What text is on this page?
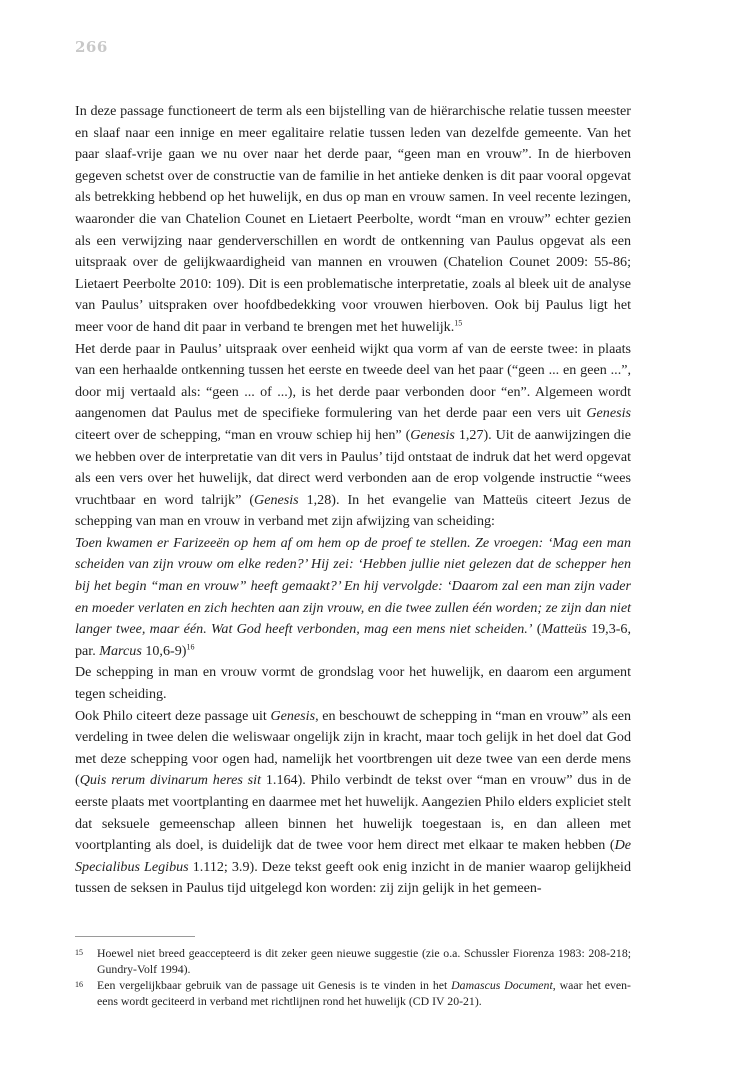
266

In deze passage functioneert de term als een bijstelling van de hiërarchische relatie tussen meester en slaaf naar een innige en meer egalitaire relatie tussen leden van dezelfde gemeente. Van het paar slaaf-vrije gaan we nu over naar het derde paar, “geen man en vrouw”. In de hierboven gegeven schetst over de constructie van de familie in het antieke denken is dit paar vooral opgevat als betrekking hebbend op het huwelijk, en dus op man en vrouw samen. In veel recente lezingen, waaronder die van Chatelion Counet en Lietaert Peerbolte, wordt “man en vrouw” echter gezien als een verwijzing naar genderverschillen en wordt de ontkenning van Paulus opgevat als een uitspraak over de gelijkwaardigheid van mannen en vrouwen (Chatelion Counet 2009: 55-86; Lietaert Peerbolte 2010: 109). Dit is een problematische interpretatie, zoals al bleek uit de analyse van Paulus’ uitspraken over hoofdbedekking voor vrouwen hierboven. Ook bij Paulus ligt het meer voor de hand dit paar in verband te brengen met het huwelijk.$^{15}$

Het derde paar in Paulus’ uitspraak over eenheid wijkt qua vorm af van de eerste twee: in plaats van een herhaalde ontkenning tussen het eerste en tweede deel van het paar (“geen ... en geen ...”, door mij vertaald als: “geen ... of ...), is het derde paar verbonden door “en”. Algemeen wordt aangenomen dat Paulus met de specifieke formulering van het derde paar een vers uit Genesis citeert over de schepping, “man en vrouw schiep hij hen” (Genesis 1,27). Uit de aanwijzingen die we hebben over de interpretatie van dit vers in Paulus’ tijd ontstaat de indruk dat het werd opgevat als een vers over het huwelijk, dat direct werd verbonden aan de erop volgende instructie “wees vruchtbaar en word talrijk” (Genesis 1,28). In het evangelie van Matteüs citeert Jezus de schepping van man en vrouw in verband met zijn afwijzing van scheiding:

Toen kwamen er Farizeeën op hem af om hem op de proef te stellen. Ze vroegen: ‘Mag een man scheiden van zijn vrouw om elke reden?’ Hij zei: ‘Hebben jullie niet gelezen dat de schepper hen bij het begin “man en vrouw” heeft gemaakt?’ En hij vervolgde: ‘Daarom zal een man zijn vader en moeder verlaten en zich hechten aan zijn vrouw, en die twee zullen één worden; ze zijn dan niet langer twee, maar één. Wat God heeft verbonden, mag een mens niet scheiden.’ (Matteüs 19,3-6, par. Marcus 10,6-9)$^{16}$

De schepping in man en vrouw vormt de grondslag voor het huwelijk, en daarom een argument tegen scheiding.

Ook Philo citeert deze passage uit Genesis, en beschouwt de schepping in “man en vrouw” als een verdeling in twee delen die weliswaar ongelijk zijn in kracht, maar toch gelijk in het doel dat God met deze schepping voor ogen had, namelijk het voortbrengen uit deze twee van een derde mens (Quis rerum divinarum heres sit 1.164). Philo verbindt de tekst over “man en vrouw” dus in de eerste plaats met voortplanting en daarmee met het huwelijk. Aangezien Philo elders expliciet stelt dat seksuele gemeenschap alleen binnen het huwelijk toegestaan is, en dan alleen met voortplanting als doel, is duidelijk dat de twee voor hem direct met elkaar te maken hebben (De Specialibus Legibus 1.112; 3.9). Deze tekst geeft ook enig inzicht in de manier waarop gelijkheid tussen de seksen in Paulus tijd uitgelegd kon worden: zij zijn gelijk in het gemeen-

15	Hoewel niet breed geaccepteerd is dit zeker geen nieuwe suggestie (zie o.a. Schussler Fiorenza 1983: 208-218; Gundry-Volf 1994).
16	Een vergelijkbaar gebruik van de passage uit Genesis is te vinden in het Damascus Document, waar het eveneens wordt geciteerd in verband met richtlijnen rond het huwelijk (CD IV 20-21).
